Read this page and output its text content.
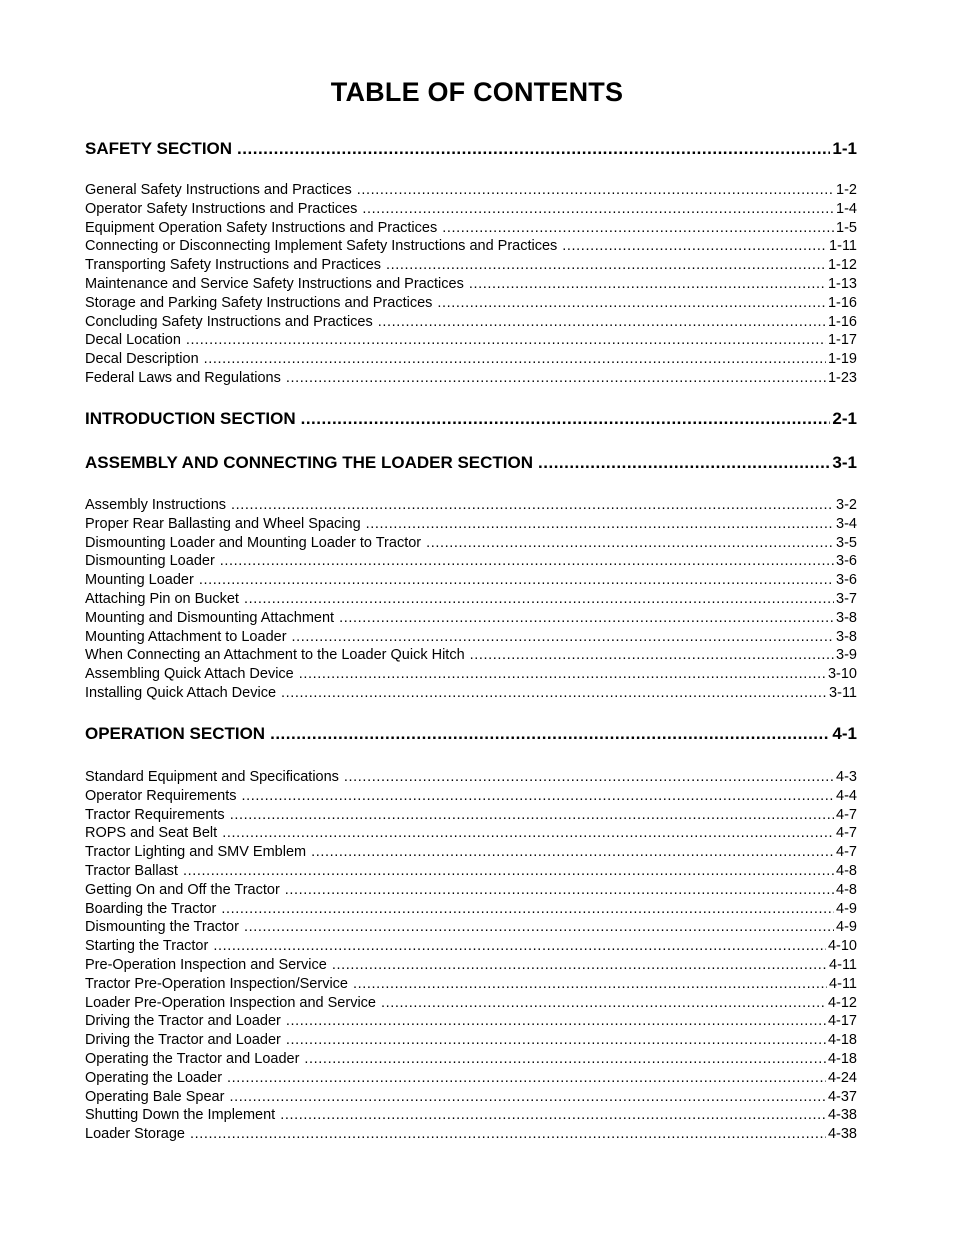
TABLE OF CONTENTS
SAFETY SECTION .....	1-1
General Safety Instructions and Practices .....	1-2
Operator Safety Instructions and Practices .....	1-4
Equipment Operation Safety Instructions and Practices .....	1-5
Connecting or Disconnecting Implement Safety Instructions and Practices .....	1-11
Transporting Safety Instructions and Practices .....	1-12
Maintenance and Service Safety Instructions and Practices .....	1-13
Storage and Parking Safety Instructions and Practices .....	1-16
Concluding Safety Instructions and Practices .....	1-16
Decal Location .....	1-17
Decal Description .....	1-19
Federal Laws and Regulations .....	1-23
INTRODUCTION SECTION .....	2-1
ASSEMBLY AND CONNECTING THE LOADER SECTION .....	3-1
Assembly Instructions .....	3-2
Proper Rear Ballasting and Wheel Spacing .....	3-4
Dismounting Loader and Mounting Loader to Tractor .....	3-5
Dismounting Loader .....	3-6
Mounting Loader .....	3-6
Attaching Pin on Bucket .....	3-7
Mounting and Dismounting Attachment .....	3-8
Mounting Attachment to Loader .....	3-8
When Connecting an Attachment to the Loader Quick Hitch .....	3-9
Assembling Quick Attach Device .....	3-10
Installing Quick Attach Device .....	3-11
OPERATION SECTION .....	4-1
Standard Equipment and Specifications .....	4-3
Operator Requirements .....	4-4
Tractor Requirements .....	4-7
ROPS and Seat Belt .....	4-7
Tractor Lighting and SMV Emblem .....	4-7
Tractor Ballast .....	4-8
Getting On and Off the Tractor .....	4-8
Boarding the Tractor .....	4-9
Dismounting the Tractor .....	4-9
Starting the Tractor .....	4-10
Pre-Operation Inspection and Service .....	4-11
Tractor Pre-Operation Inspection/Service .....	4-11
Loader Pre-Operation Inspection and Service .....	4-12
Driving the Tractor and Loader .....	4-17
Driving the Tractor and Loader .....	4-18
Operating the Tractor and Loader .....	4-18
Operating the Loader .....	4-24
Operating Bale Spear .....	4-37
Shutting Down the Implement .....	4-38
Loader Storage .....	4-38
